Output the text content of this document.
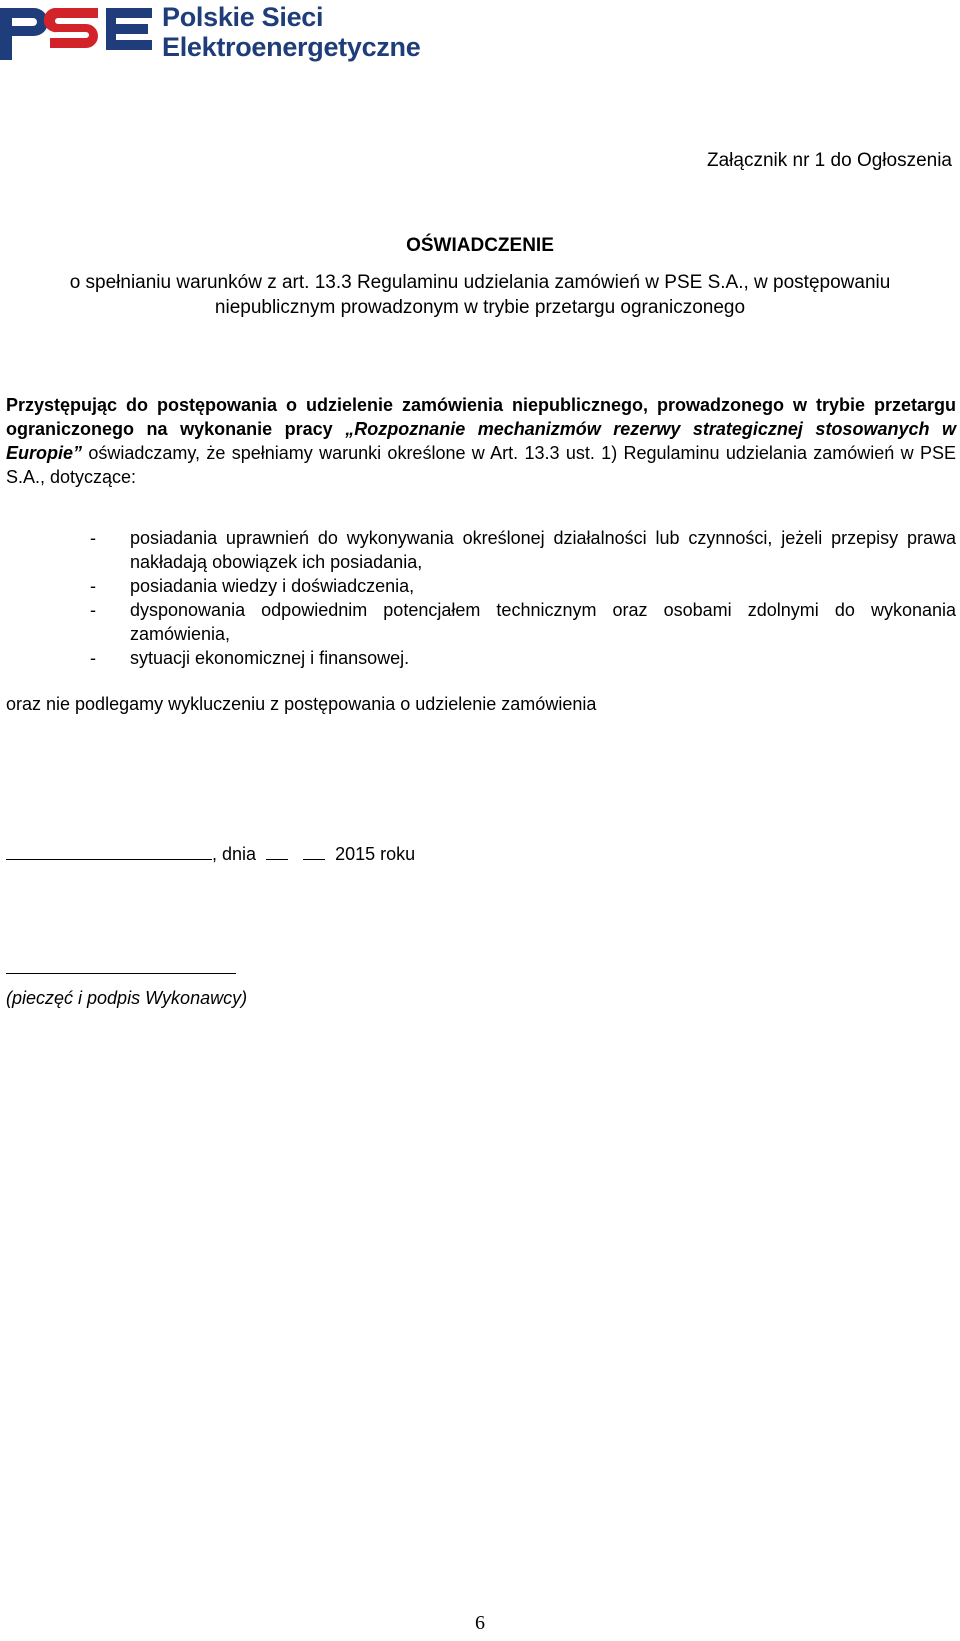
Polskie Sieci
Elektroenergetyczne
Załącznik nr 1 do Ogłoszenia
OŚWIADCZENIE
o spełnianiu warunków z art. 13.3 Regulaminu udzielania zamówień w PSE S.A., w postępowaniu
niepublicznym prowadzonym w trybie przetargu ograniczonego
Przystępując do postępowania o udzielenie zamówienia niepublicznego, prowadzonego w trybie przetargu ograniczonego na wykonanie pracy „Rozpoznanie mechanizmów rezerwy strategicznej stosowanych w Europie” oświadczamy, że spełniamy warunki określone w Art. 13.3 ust. 1) Regulaminu udzielania zamówień w PSE S.A., dotyczące:
- posiadania uprawnień do wykonywania określonej działalności lub czynności, jeżeli przepisy prawa nakładają obowiązek ich posiadania,
- posiadania wiedzy i doświadczenia,
- dysponowania odpowiednim potencjałem technicznym oraz osobami zdolnymi do wykonania zamówienia,
- sytuacji ekonomicznej i finansowej.
oraz nie podlegamy wykluczeniu z postępowania o udzielenie zamówienia
, dnia	2015 roku
(pieczęć i podpis Wykonawcy)
6
